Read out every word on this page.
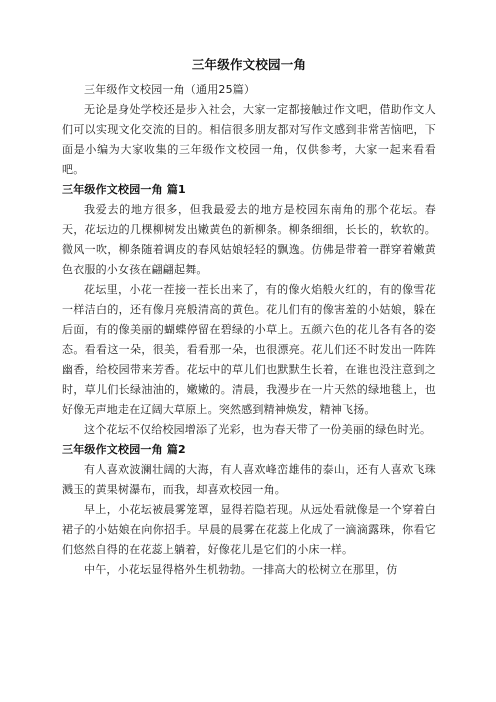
三年级作文校园一角

三年级作文校园一角（通用25篇）

无论是身处学校还是步入社会，大家一定都接触过作文吧，借助作文人们可以实现文化交流的目的。相信很多朋友都对写作文感到非常苦恼吧，下面是小编为大家收集的三年级作文校园一角，仅供参考，大家一起来看看吧。

三年级作文校园一角 篇1

我爱去的地方很多，但我最爱去的地方是校园东南角的那个花坛。春天，花坛边的几棵柳树发出嫩黄色的新柳条。柳条细细，长长的，软软的。微风一吹，柳条随着调皮的春风姑娘轻轻的飘逸。仿佛是带着一群穿着嫩黄色衣服的小女孩在翩翩起舞。

花坛里，小花一茬接一茬长出来了，有的像火焰般火红的，有的像雪花一样洁白的，还有像月亮般清高的黄色。花儿们有的像害羞的小姑娘，躲在后面，有的像美丽的蝴蝶停留在碧绿的小草上。五颜六色的花儿各有各的姿态。看看这一朵，很美，看看那一朵，也很漂亮。花儿们还不时发出一阵阵幽香，给校园带来芳香。花坛中的草儿们也默默生长着，在谁也没注意到之时，草儿们长绿油油的，嫩嫩的。清晨，我漫步在一片天然的绿地毯上，也好像无声地走在辽阔大草原上。突然感到精神焕发，精神飞扬。

这个花坛不仅给校园增添了光彩，也为春天带了一份美丽的绿色时光。

三年级作文校园一角 篇2

有人喜欢波澜壮阔的大海，有人喜欢峰峦雄伟的泰山，还有人喜欢飞珠溅玉的黄果树瀑布，而我，却喜欢校园一角。

早上，小花坛被晨雾笼罩，显得若隐若现。从远处看就像是一个穿着白裙子的小姑娘在向你招手。早晨的晨雾在花蕊上化成了一滴滴露珠，你看它们悠然自得的在花蕊上躺着，好像花儿是它们的小床一样。

中午，小花坛显得格外生机勃勃。一排高大的松树立在那里，仿
